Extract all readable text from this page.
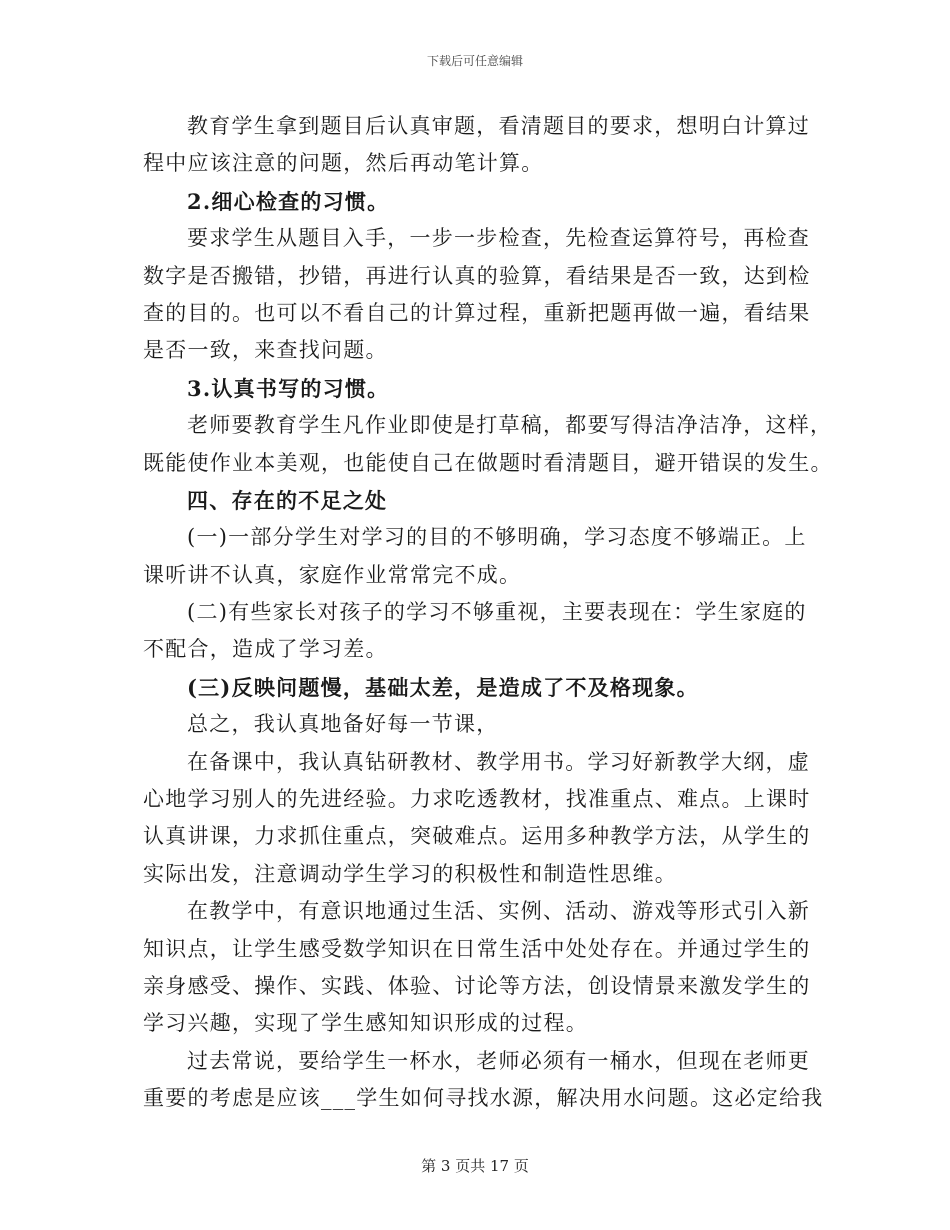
下载后可任意编辑
教育学生拿到题目后认真审题，看清题目的要求，想明白计算过
程中应该注意的问题，然后再动笔计算。
2.细心检查的习惯。
要求学生从题目入手，一步一步检查，先检查运算符号，再检查
数字是否搬错，抄错，再进行认真的验算，看结果是否一致，达到检
查的目的。也可以不看自己的计算过程，重新把题再做一遍，看结果
是否一致，来查找问题。
3.认真书写的习惯。
老师要教育学生凡作业即使是打草稿，都要写得洁净洁净，这样，
既能使作业本美观，也能使自己在做题时看清题目，避开错误的发生。
四、存在的不足之处
(一)一部分学生对学习的目的不够明确，学习态度不够端正。上
课听讲不认真，家庭作业常常完不成。
(二)有些家长对孩子的学习不够重视，主要表现在：学生家庭的
不配合，造成了学习差。
(三)反映问题慢，基础太差，是造成了不及格现象。
总之，我认真地备好每一节课，
在备课中，我认真钻研教材、教学用书。学习好新教学大纲，虚
心地学习别人的先进经验。力求吃透教材，找准重点、难点。上课时
认真讲课，力求抓住重点，突破难点。运用多种教学方法，从学生的
实际出发，注意调动学生学习的积极性和制造性思维。
在教学中，有意识地通过生活、实例、活动、游戏等形式引入新
知识点，让学生感受数学知识在日常生活中处处存在。并通过学生的
亲身感受、操作、实践、体验、讨论等方法，创设情景来激发学生的
学习兴趣，实现了学生感知知识形成的过程。
过去常说，要给学生一杯水，老师必须有一桶水，但现在老师更
重要的考虑是应该___学生如何寻找水源，解决用水问题。这必定给我
第 3 页共 17 页
